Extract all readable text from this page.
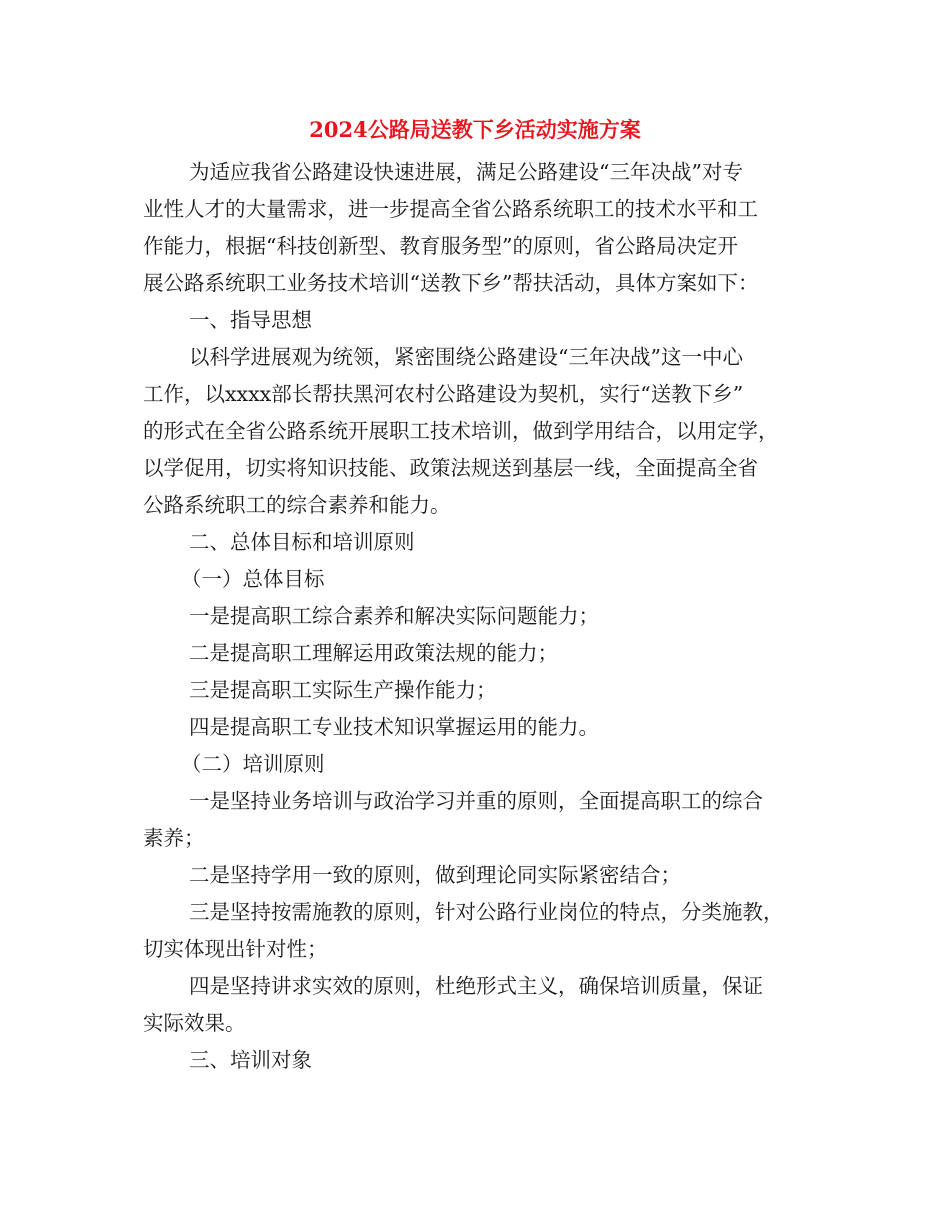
2024公路局送教下乡活动实施方案
为适应我省公路建设快速进展，满足公路建设“三年决战”对专
业性人才的大量需求，进一步提高全省公路系统职工的技术水平和工
作能力，根据“科技创新型、教育服务型”的原则，省公路局决定开
展公路系统职工业务技术培训“送教下乡”帮扶活动，具体方案如下：
一、指导思想
以科学进展观为统领，紧密围绕公路建设“三年决战”这一中心
工作，以xxxx部长帮扶黑河农村公路建设为契机，实行“送教下乡”
的形式在全省公路系统开展职工技术培训，做到学用结合，以用定学，
以学促用，切实将知识技能、政策法规送到基层一线，全面提高全省
公路系统职工的综合素养和能力。
二、总体目标和培训原则
（一）总体目标
一是提高职工综合素养和解决实际问题能力；
二是提高职工理解运用政策法规的能力；
三是提高职工实际生产操作能力；
四是提高职工专业技术知识掌握运用的能力。
（二）培训原则
一是坚持业务培训与政治学习并重的原则，全面提高职工的综合
素养；
二是坚持学用一致的原则，做到理论同实际紧密结合；
三是坚持按需施教的原则，针对公路行业岗位的特点，分类施教，
切实体现出针对性；
四是坚持讲求实效的原则，杜绝形式主义，确保培训质量，保证
实际效果。
三、培训对象
